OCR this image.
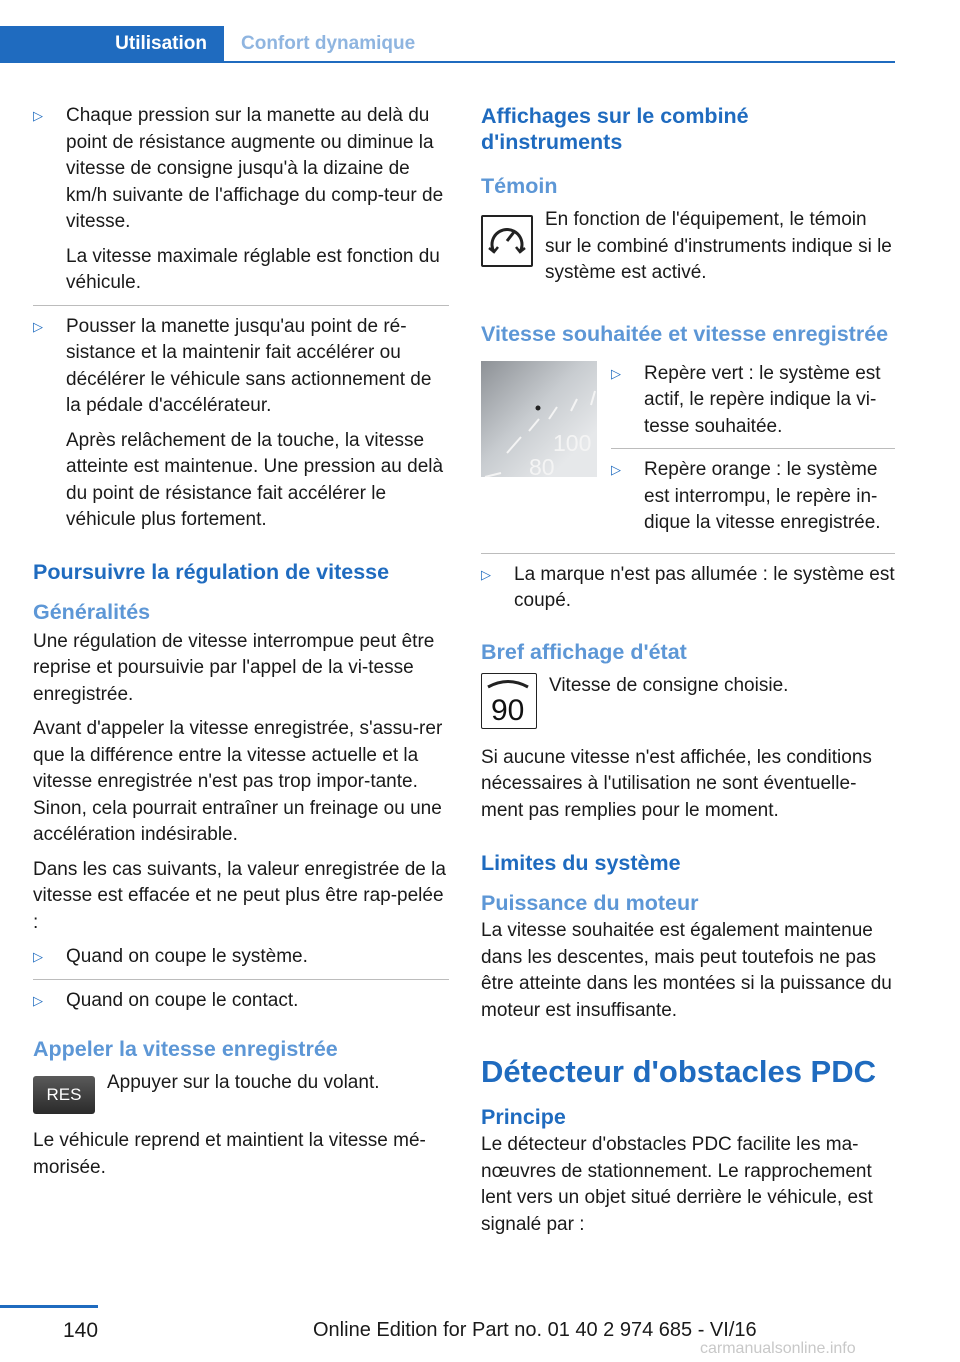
Utilisation	Confort dynamique
▷	Chaque pression sur la manette au delà du point de résistance augmente ou diminue la vitesse de consigne jusqu'à la dizaine de km/h suivante de l'affichage du comp‐teur de vitesse.

La vitesse maximale réglable est fonction du véhicule.

▷	Pousser la manette jusqu'au point de ré‐sistance et la maintenir fait accélérer ou décélérer le véhicule sans actionnement de la pédale d'accélérateur.

Après relâchement de la touche, la vitesse atteinte est maintenue. Une pression au delà du point de résistance fait accélérer le véhicule plus fortement.

Poursuivre la régulation de vitesse
Généralités

Une régulation de vitesse interrompue peut être reprise et poursuivie par l'appel de la vi‐tesse enregistrée.

Avant d'appeler la vitesse enregistrée, s'assu‐rer que la différence entre la vitesse actuelle et la vitesse enregistrée n'est pas trop impor‐tante. Sinon, cela pourrait entraîner un freinage ou une accélération indésirable.

Dans les cas suivants, la valeur enregistrée de la vitesse est effacée et ne peut plus être rap‐pelée :

▷	Quand on coupe le système.

▷	Quand on coupe le contact.

Appeler la vitesse enregistrée
RES

Appuyer sur la touche du volant.

Le véhicule reprend et maintient la vitesse mé‐morisée.

Affichages sur le combiné d'instruments
Témoin

En fonction de l'équipement, le témoin sur le combiné d'instruments indique si le système est activé.

Vitesse souhaitée et vitesse enregistrée
100
80
▷	Repère vert : le système est actif, le repère indique la vi‐tesse souhaitée.

▷	Repère orange : le système est interrompu, le repère in‐dique la vitesse enregistrée.

▷	La marque n'est pas allumée : le système est coupé.

Bref affichage d'état
90

Vitesse de consigne choisie.

Si aucune vitesse n'est affichée, les conditions nécessaires à l'utilisation ne sont éventuelle‐ment pas remplies pour le moment.

Limites du système
Puissance du moteur

La vitesse souhaitée est également maintenue dans les descentes, mais peut toutefois ne pas être atteinte dans les montées si la puissance du moteur est insuffisante.

Détecteur d'obstacles PDC
Principe

Le détecteur d'obstacles PDC facilite les ma‐nœuvres de stationnement. Le rapprochement lent vers un objet situé derrière le véhicule, est signalé par :

140	Online Edition for Part no. 01 40 2 974 685 - VI/16
carmanualsonline.info
